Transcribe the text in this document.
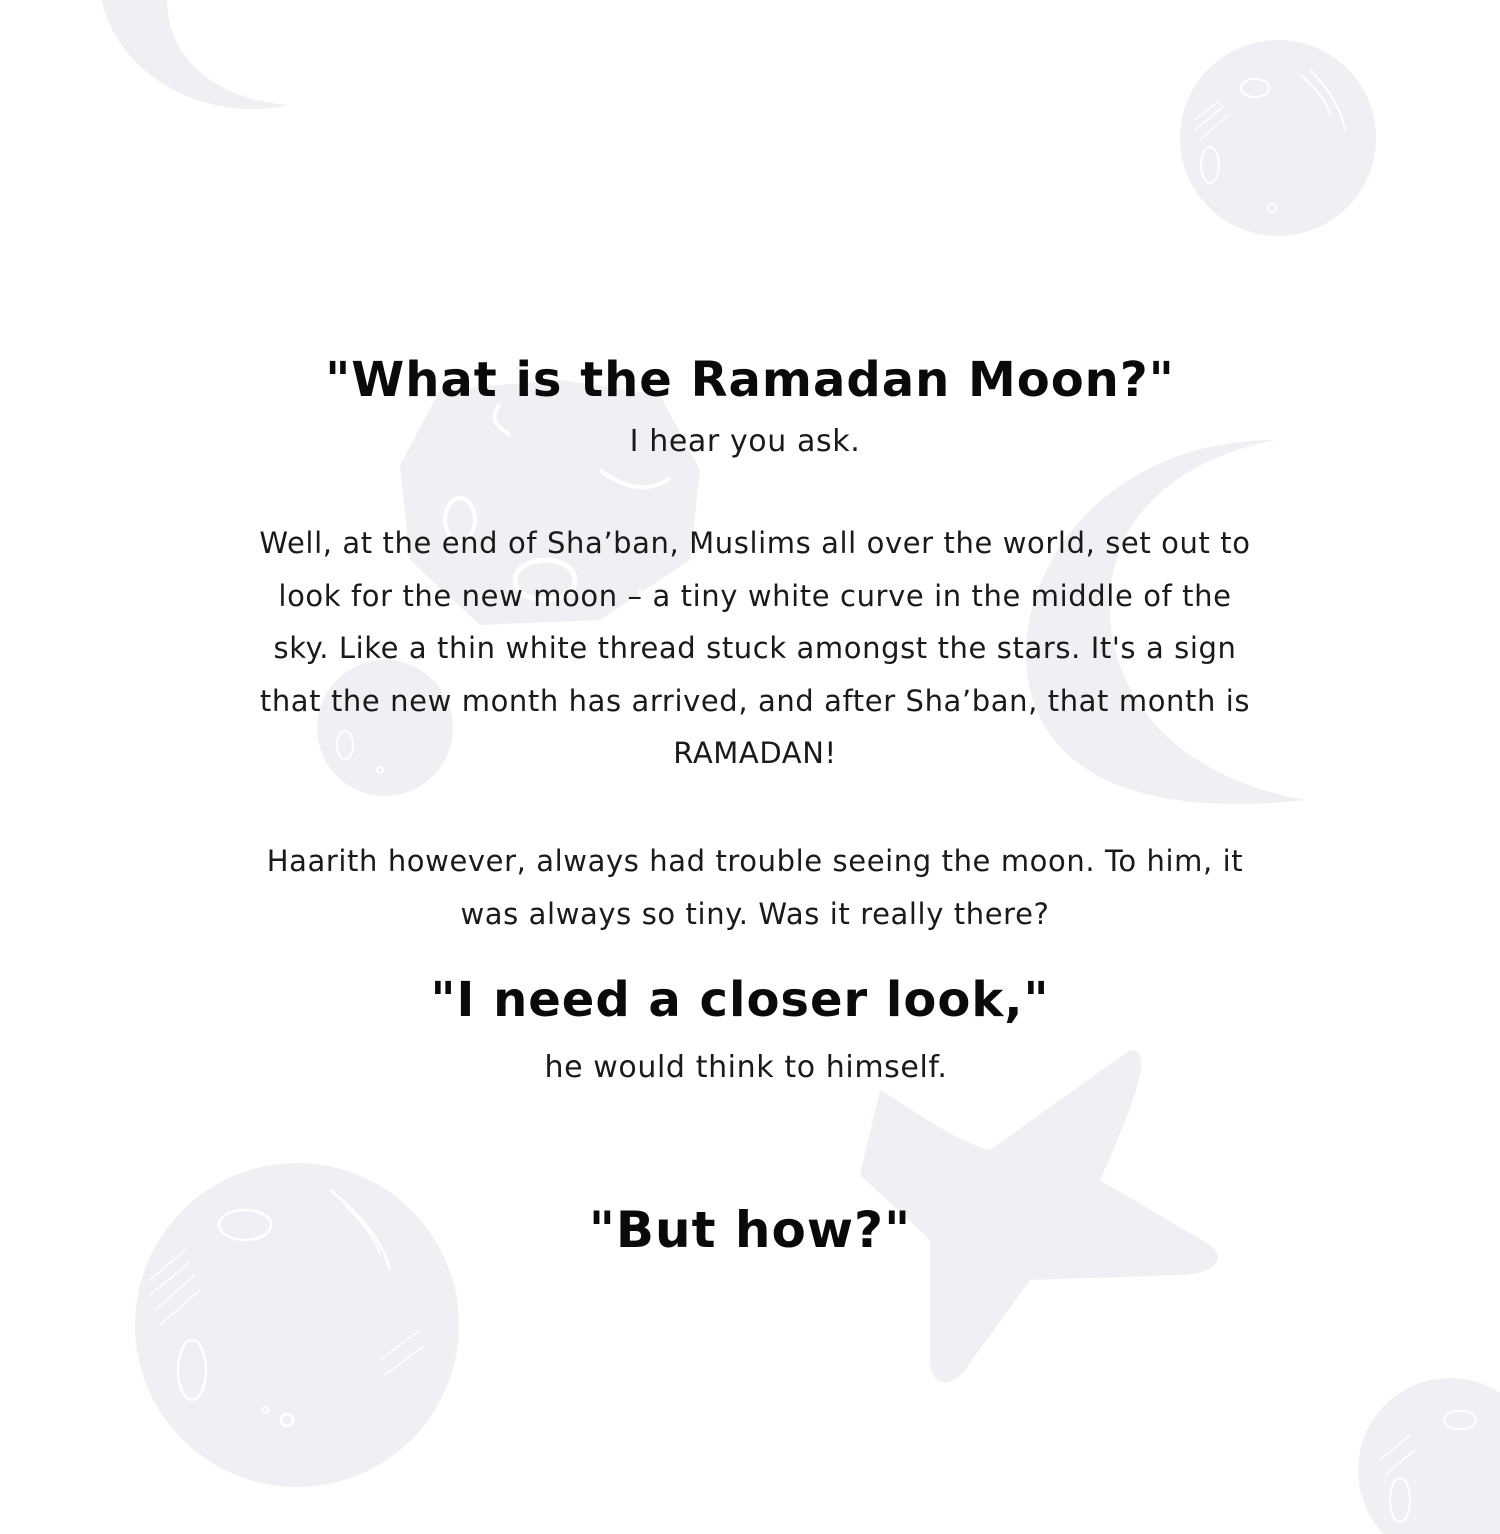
"What is the Ramadan Moon?"
I hear you ask.
Well, at the end of Sha’ban, Muslims all over the world, set out to look for the new moon – a tiny white curve in the middle of the sky. Like a thin white thread stuck amongst the stars. It's a sign that the new month has arrived, and after Sha’ban, that month is RAMADAN!
Haarith however, always had trouble seeing the moon. To him, it was always so tiny. Was it really there?
"I need a closer look,"
he would think to himself.
"But how?"
